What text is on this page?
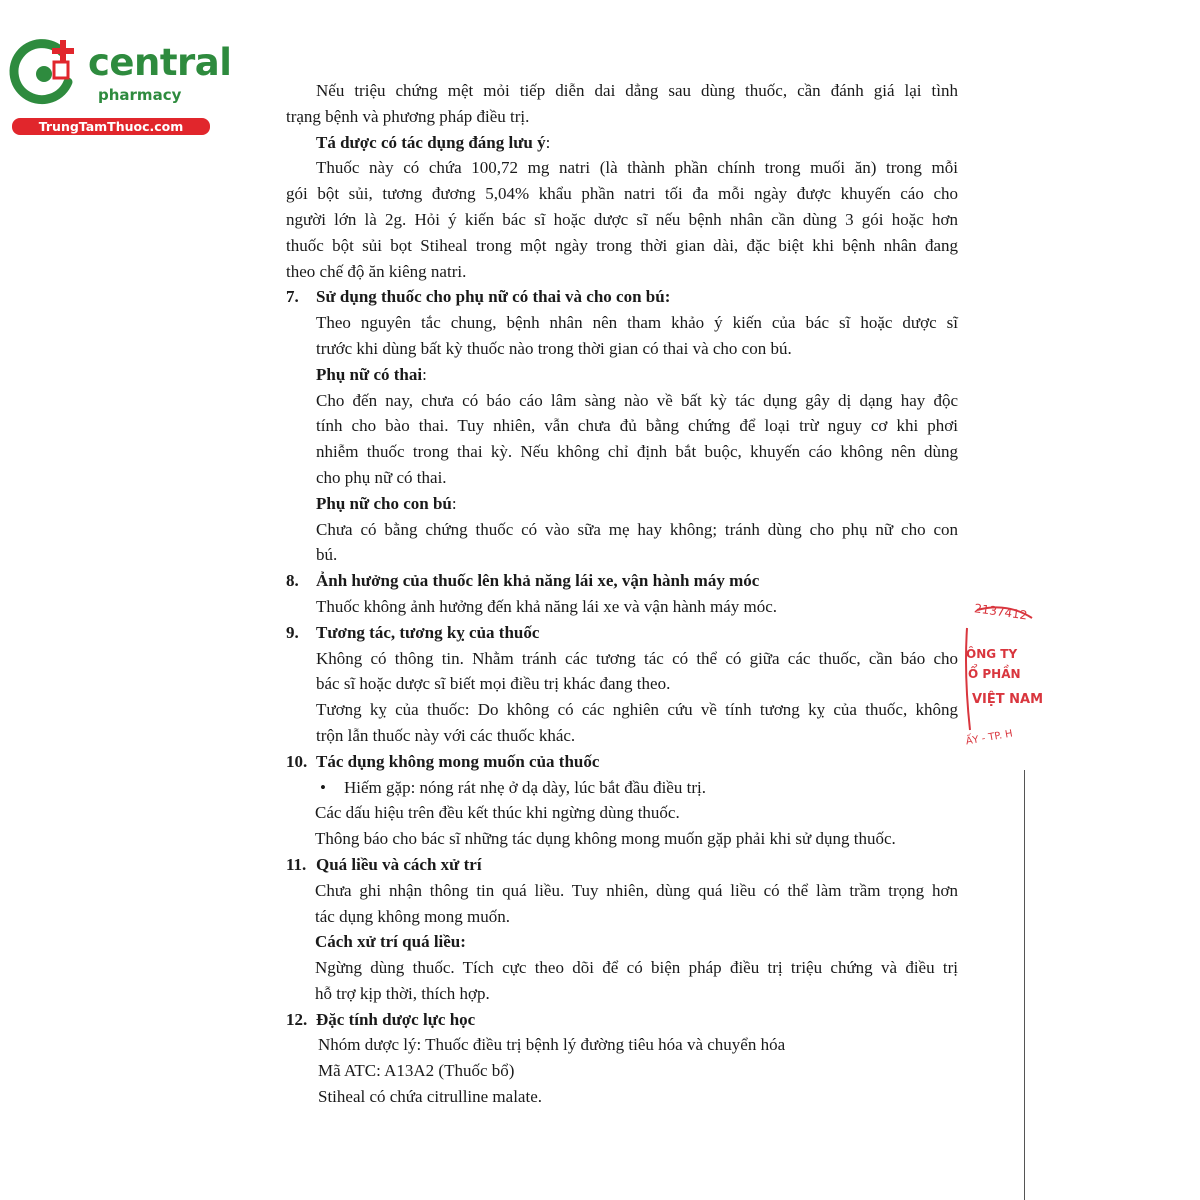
central
pharmacy
TrungTamThuoc.com
Nếu triệu chứng mệt mỏi tiếp diễn dai dẳng sau dùng thuốc, cần đánh giá lại tình
trạng bệnh và phương pháp điều trị.
Tá dược có tác dụng đáng lưu ý:
Thuốc này có chứa 100,72 mg natri (là thành phần chính trong muối ăn) trong mỗi
gói bột sủi, tương đương 5,04% khẩu phần natri tối đa mỗi ngày được khuyến cáo cho
người lớn là 2g. Hỏi ý kiến bác sĩ hoặc dược sĩ nếu bệnh nhân cần dùng 3 gói hoặc hơn
thuốc bột sủi bọt Stiheal trong một ngày trong thời gian dài, đặc biệt khi bệnh nhân đang
theo chế độ ăn kiêng natri.
7. Sử dụng thuốc cho phụ nữ có thai và cho con bú:
Theo nguyên tắc chung, bệnh nhân nên tham khảo ý kiến của bác sĩ hoặc dược sĩ
trước khi dùng bất kỳ thuốc nào trong thời gian có thai và cho con bú.
Phụ nữ có thai:
Cho đến nay, chưa có báo cáo lâm sàng nào về bất kỳ tác dụng gây dị dạng hay độc
tính cho bào thai. Tuy nhiên, vẫn chưa đủ bằng chứng để loại trừ nguy cơ khi phơi
nhiễm thuốc trong thai kỳ. Nếu không chỉ định bắt buộc, khuyến cáo không nên dùng
cho phụ nữ có thai.
Phụ nữ cho con bú:
Chưa có bằng chứng thuốc có vào sữa mẹ hay không; tránh dùng cho phụ nữ cho con
bú.
8. Ảnh hưởng của thuốc lên khả năng lái xe, vận hành máy móc
Thuốc không ảnh hưởng đến khả năng lái xe và vận hành máy móc.
9. Tương tác, tương kỵ của thuốc
Không có thông tin. Nhằm tránh các tương tác có thể có giữa các thuốc, cần báo cho
bác sĩ hoặc dược sĩ biết mọi điều trị khác đang theo.
Tương kỵ của thuốc: Do không có các nghiên cứu về tính tương kỵ của thuốc, không
trộn lẫn thuốc này với các thuốc khác.
10. Tác dụng không mong muốn của thuốc
• Hiếm gặp: nóng rát nhẹ ở dạ dày, lúc bắt đầu điều trị.
Các dấu hiệu trên đều kết thúc khi ngừng dùng thuốc.
Thông báo cho bác sĩ những tác dụng không mong muốn gặp phải khi sử dụng thuốc.
11. Quá liều và cách xử trí
Chưa ghi nhận thông tin quá liều. Tuy nhiên, dùng quá liều có thể làm trầm trọng hơn
tác dụng không mong muốn.
Cách xử trí quá liều:
Ngừng dùng thuốc. Tích cực theo dõi để có biện pháp điều trị triệu chứng và điều trị
hỗ trợ kịp thời, thích hợp.
12. Đặc tính dược lực học
Nhóm dược lý: Thuốc điều trị bệnh lý đường tiêu hóa và chuyển hóa
Mã ATC: A13A2 (Thuốc bổ)
Stiheal có chứa citrulline malate.
2137412
ÔNG TY
Ổ PHẦN
VIỆT NAM
ẤY - TP. H
